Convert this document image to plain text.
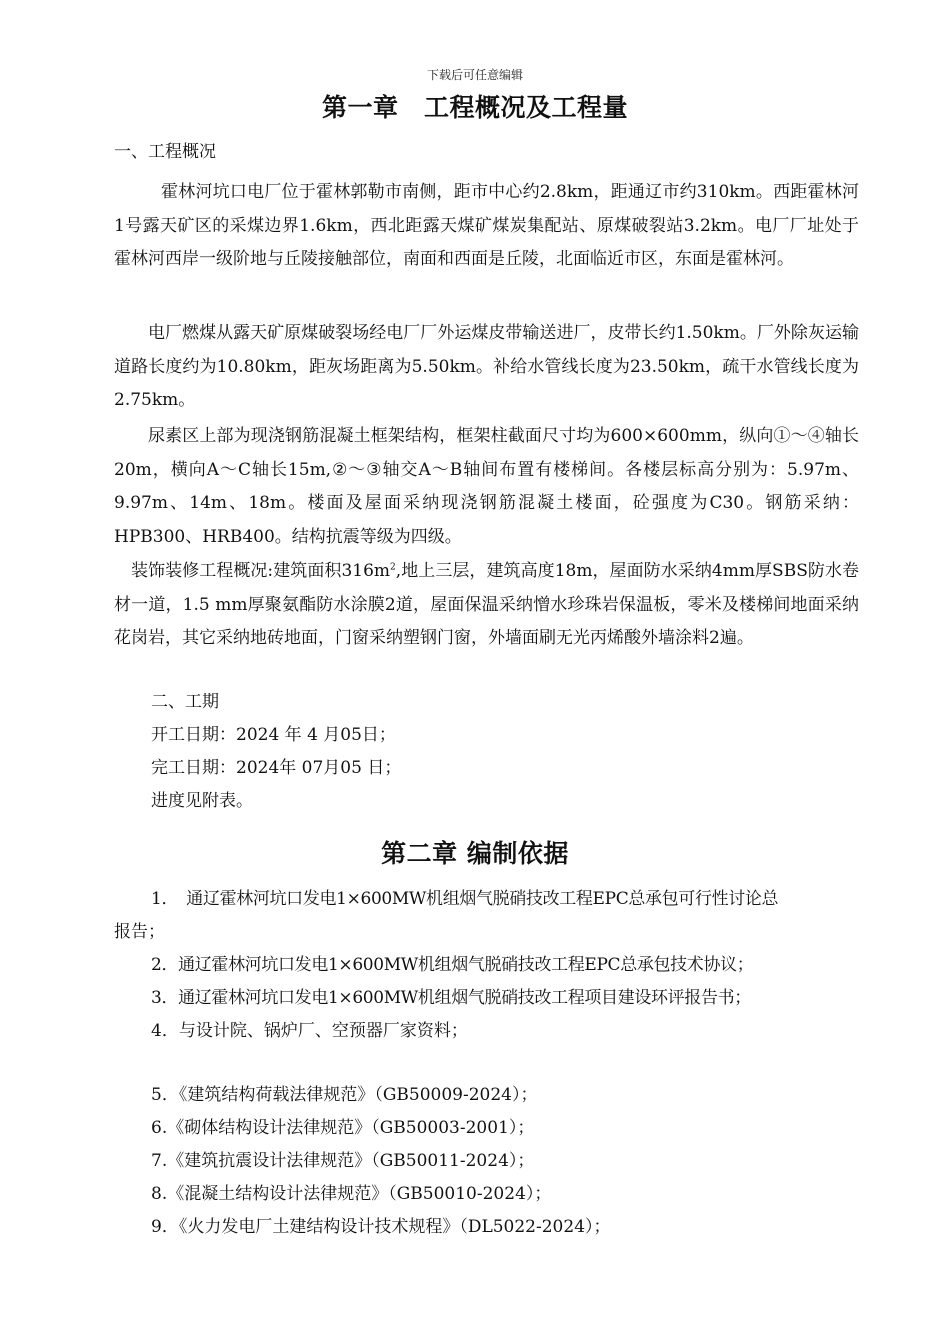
下载后可任意编辑
第一章　工程概况及工程量
一、工程概况

霍林河坑口电厂位于霍林郭勒市南侧，距市中心约2.8km，距通辽市约310km。西距霍林河1号露天矿区的采煤边界1.6km，西北距露天煤矿煤炭集配站、原煤破裂站3.2km。电厂厂址处于霍林河西岸一级阶地与丘陵接触部位，南面和西面是丘陵，北面临近市区，东面是霍林河。

电厂燃煤从露天矿原煤破裂场经电厂厂外运煤皮带输送进厂，皮带长约1.50km。厂外除灰运输道路长度约为10.80km，距灰场距离为5.50km。补给水管线长度为23.50km，疏干水管线长度为2.75km。

尿素区上部为现浇钢筋混凝土框架结构，框架柱截面尺寸均为600×600mm，纵向①～④轴长20m，横向A～C轴长15m,②～③轴交A～B轴间布置有楼梯间。各楼层标高分别为：5.97m、9.97m、14m、18m。楼面及屋面采纳现浇钢筋混凝土楼面，砼强度为C30。钢筋采纳：HPB300、HRB400。结构抗震等级为四级。

装饰装修工程概况:建筑面积$316m^2$,地上三层，建筑高度18m，屋面防水采纳4mm厚SBS防水卷材一道，1.5 mm厚聚氨酯防水涂膜2道，屋面保温采纳憎水珍珠岩保温板，零米及楼梯间地面采纳花岗岩，其它采纳地砖地面，门窗采纳塑钢门窗，外墙面刷无光丙烯酸外墙涂料2遍。

二、工期
开工日期：2024 年 4 月05日；
完工日期：2024年 07月05 日；
进度见附表。
第二章 编制依据
1．　通辽霍林河坑口发电1×600MW机组烟气脱硝技改工程EPC总承包可行性讨论总
报告；
2．通辽霍林河坑口发电1×600MW机组烟气脱硝技改工程EPC总承包技术协议；
3．通辽霍林河坑口发电1×600MW机组烟气脱硝技改工程项目建设环评报告书；
4．与设计院、锅炉厂、空预器厂家资料；
5．《建筑结构荷载法律规范》（GB50009-2024）；
6.《砌体结构设计法律规范》（GB50003-2001）；
7.《建筑抗震设计法律规范》（GB50011-2024）；
8.《混凝土结构设计法律规范》（GB50010-2024）；
9．《火力发电厂土建结构设计技术规程》（DL5022-2024）；
